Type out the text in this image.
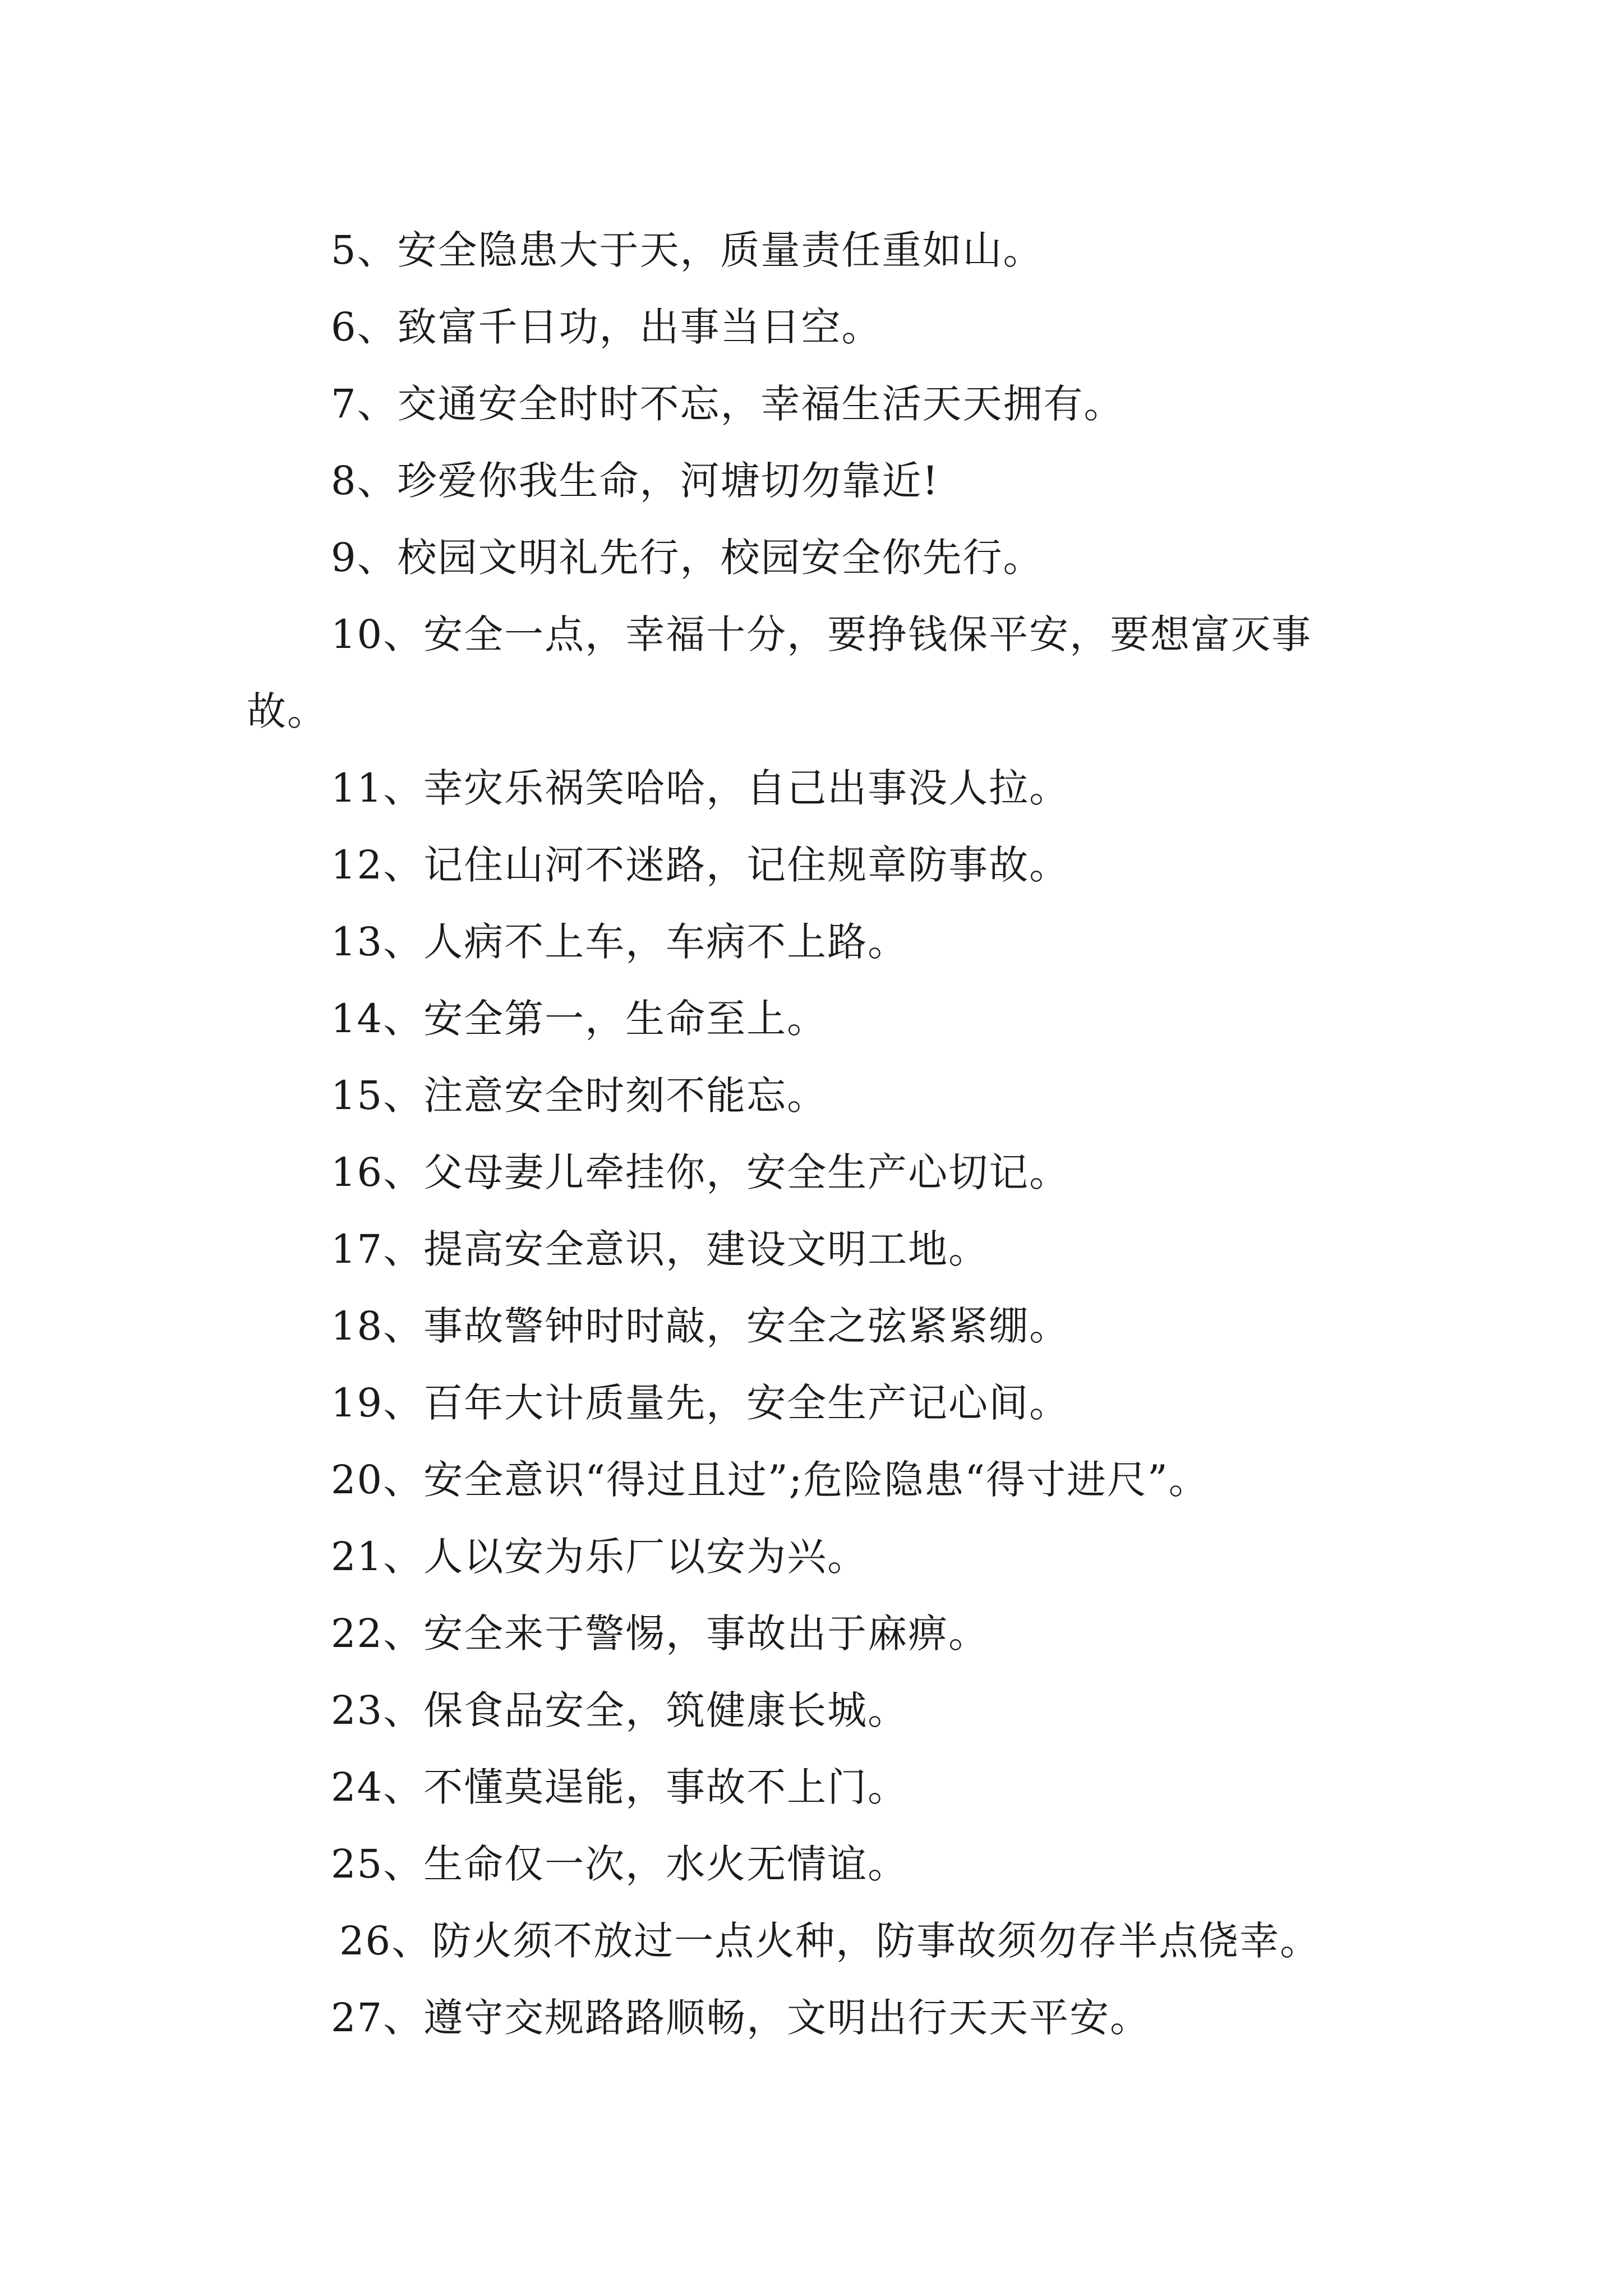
5、安全隐患大于天，质量责任重如山。
6、致富千日功，出事当日空。
7、交通安全时时不忘，幸福生活天天拥有。
8、珍爱你我生命，河塘切勿靠近!
9、校园文明礼先行，校园安全你先行。
10、安全一点，幸福十分，要挣钱保平安，要想富灭事
故。
11、幸灾乐祸笑哈哈，自己出事没人拉。
12、记住山河不迷路，记住规章防事故。
13、人病不上车，车病不上路。
14、安全第一，生命至上。
15、注意安全时刻不能忘。
16、父母妻儿牵挂你，安全生产心切记。
17、提高安全意识，建设文明工地。
18、事故警钟时时敲，安全之弦紧紧绷。
19、百年大计质量先，安全生产记心间。
20、安全意识“得过且过”;危险隐患“得寸进尺”。
21、人以安为乐厂以安为兴。
22、安全来于警惕，事故出于麻痹。
23、保食品安全，筑健康长城。
24、不懂莫逞能，事故不上门。
25、生命仅一次，水火无情谊。
26、防火须不放过一点火种，防事故须勿存半点侥幸。
27、遵守交规路路顺畅，文明出行天天平安。
